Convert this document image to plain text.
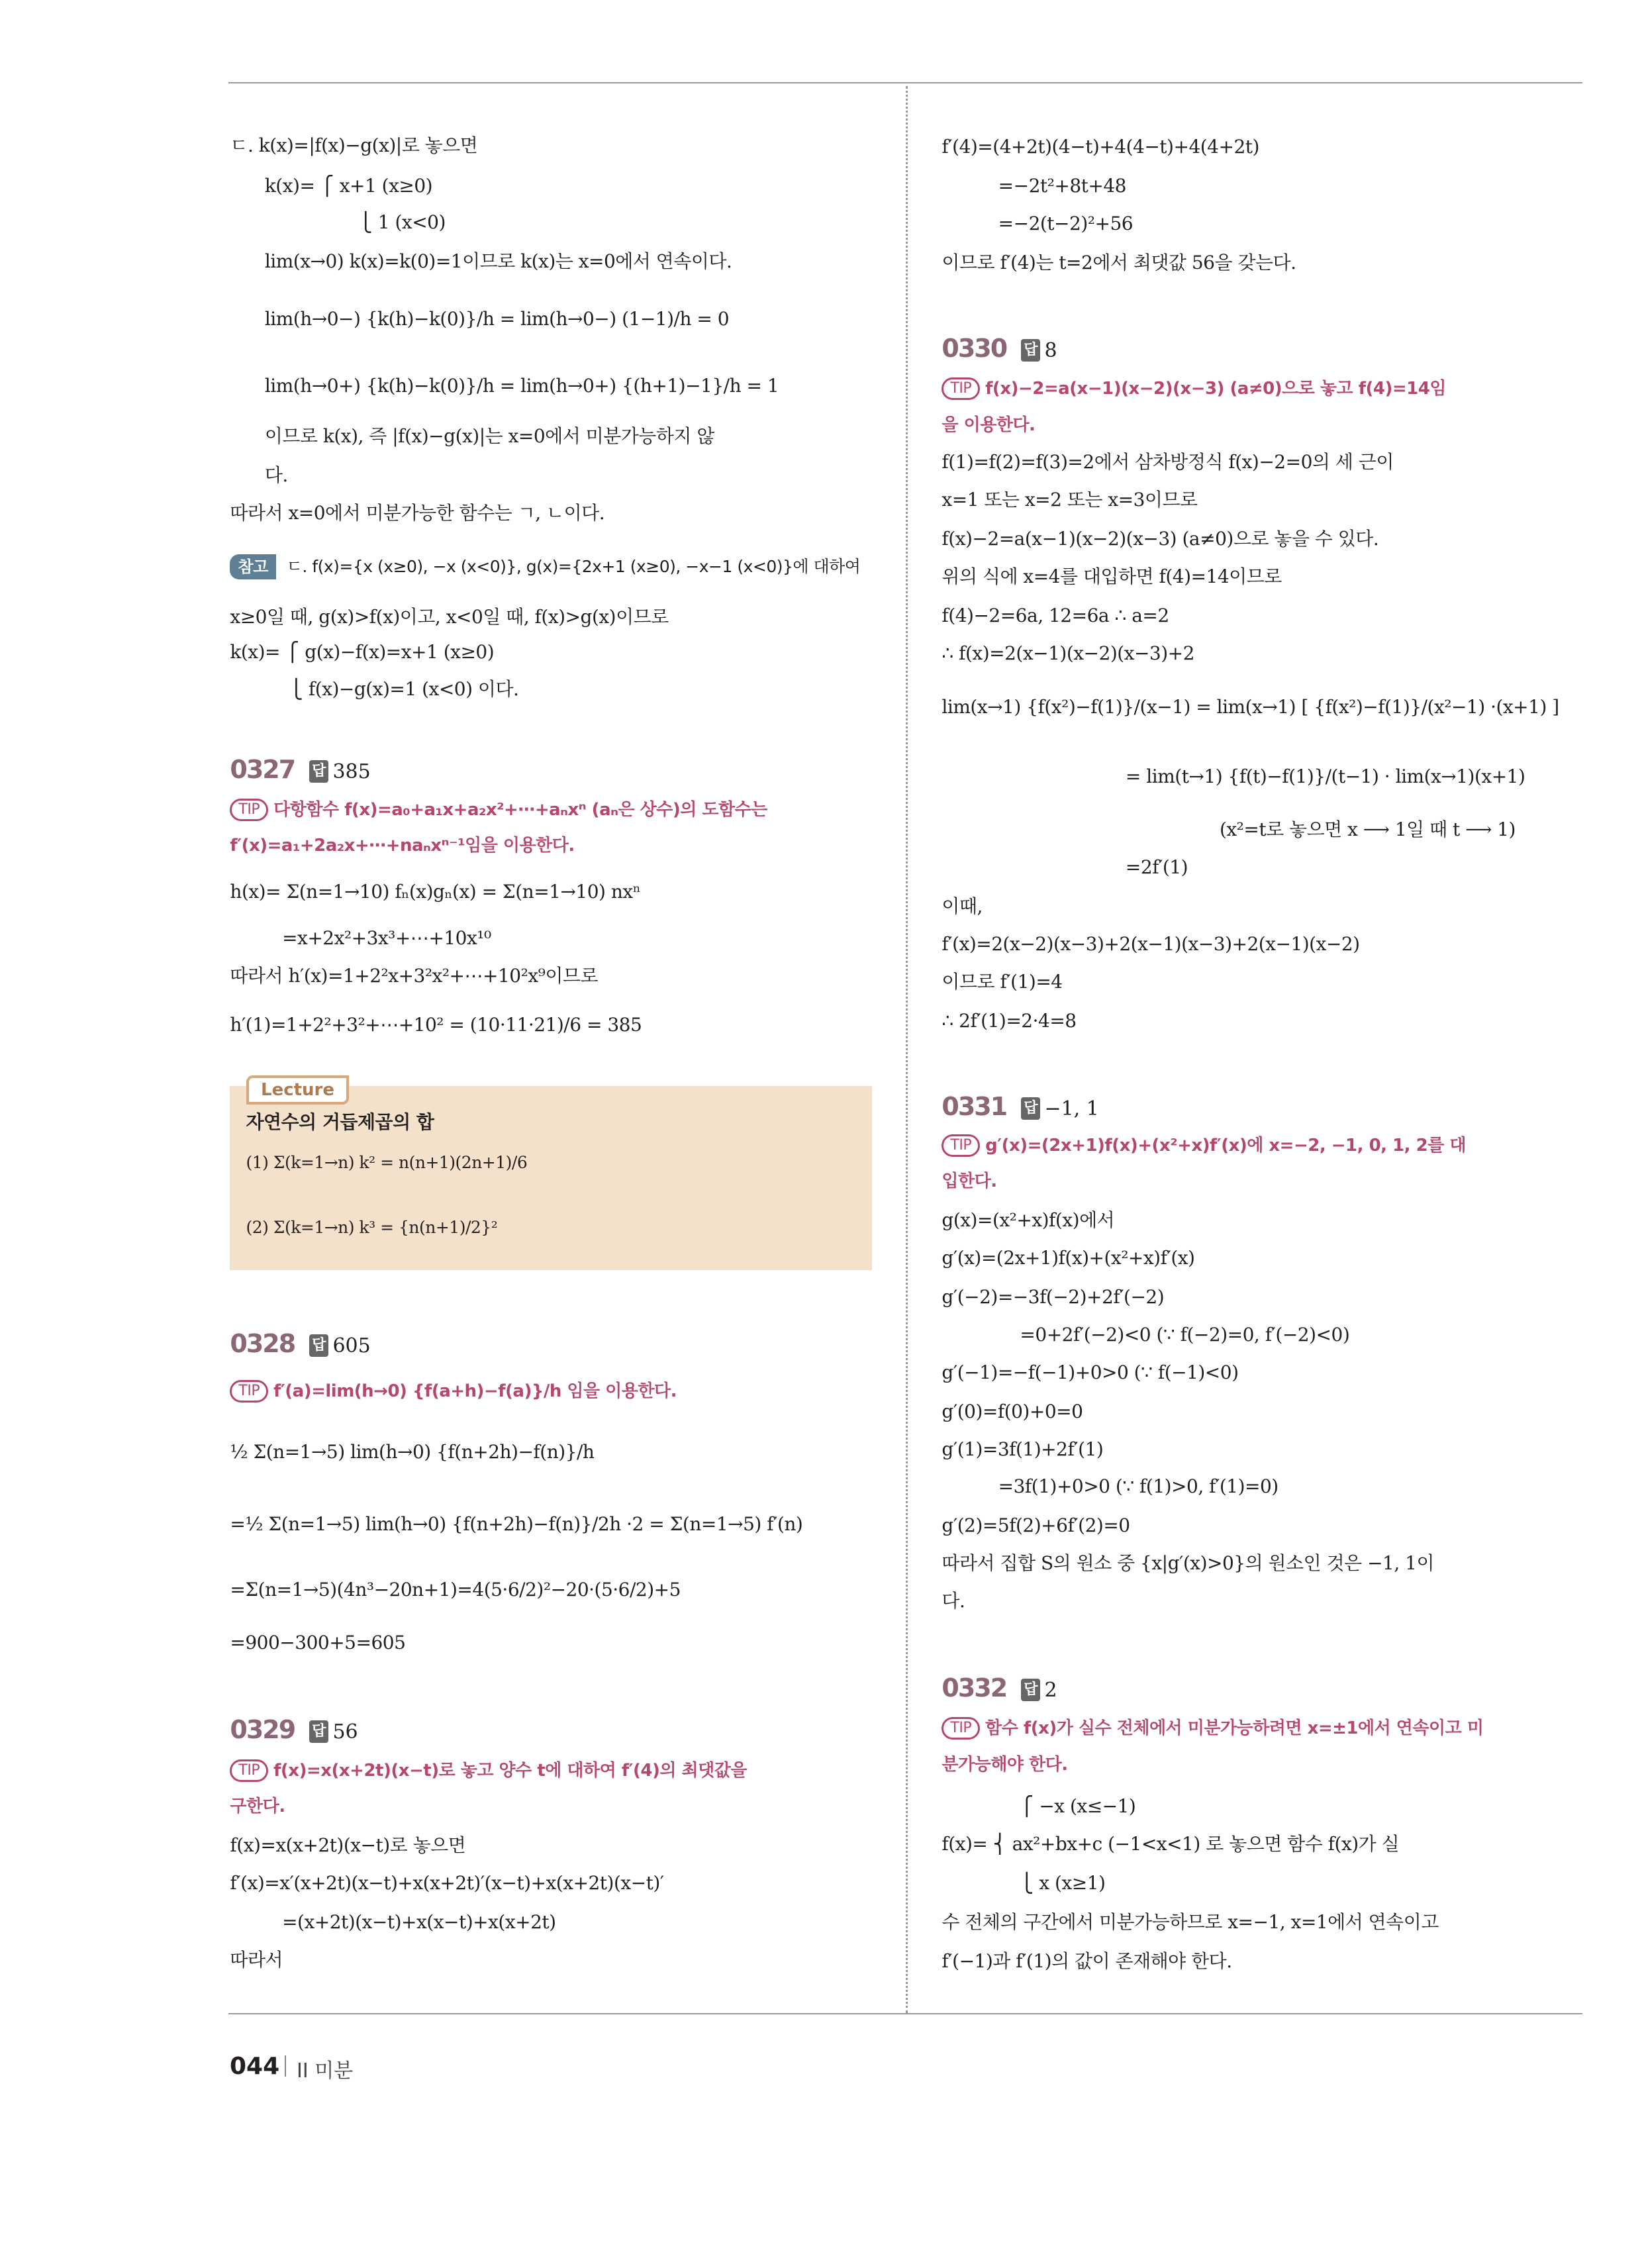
Lecture
ㄷ. k(x)=|f(x)−g(x)|로 놓으면
k(x)= ⎧ x+1 (x≥0)
⎩ 1 (x<0)
lim(x→0) k(x)=k(0)=1이므로 k(x)는 x=0에서 연속이다.
lim(h→0−) {k(h)−k(0)}/h = lim(h→0−) (1−1)/h = 0
lim(h→0+) {k(h)−k(0)}/h = lim(h→0+) {(h+1)−1}/h = 1
이므로 k(x), 즉 |f(x)−g(x)|는 x=0에서 미분가능하지 않
다.
따라서 x=0에서 미분가능한 함수는 ㄱ, ㄴ이다.
참고 ㄷ. f(x)={x (x≥0), −x (x<0)}, g(x)={2x+1 (x≥0), −x−1 (x<0)}에 대하여
x≥0일 때, g(x)>f(x)이고, x<0일 때, f(x)>g(x)이므로
k(x)= ⎧ g(x)−f(x)=x+1 (x≥0)
⎩ f(x)−g(x)=1 (x<0) 이다.
0327 답 385
TIP 다항함수 f(x)=a₀+a₁x+a₂x²+⋯+aₙxⁿ (aₙ은 상수)의 도함수는
f′(x)=a₁+2a₂x+⋯+naₙxⁿ⁻¹임을 이용한다.
h(x)= Σ(n=1→10) fₙ(x)gₙ(x) = Σ(n=1→10) nxⁿ
=x+2x²+3x³+⋯+10x¹⁰
따라서 h′(x)=1+2²x+3²x²+⋯+10²x⁹이므로
h′(1)=1+2²+3²+⋯+10² = (10·11·21)/6 = 385
자연수의 거듭제곱의 합
(1) Σ(k=1→n) k² = n(n+1)(2n+1)/6
(2) Σ(k=1→n) k³ = {n(n+1)/2}²
0328 답 605
TIP f′(a)=lim(h→0) {f(a+h)−f(a)}/h 임을 이용한다.
½ Σ(n=1→5) lim(h→0) {f(n+2h)−f(n)}/h
=½ Σ(n=1→5) lim(h→0) {f(n+2h)−f(n)}/2h ·2 = Σ(n=1→5) f′(n)
=Σ(n=1→5)(4n³−20n+1)=4(5·6/2)²−20·(5·6/2)+5
=900−300+5=605
0329 답 56
TIP f(x)=x(x+2t)(x−t)로 놓고 양수 t에 대하여 f′(4)의 최댓값을
구한다.
f(x)=x(x+2t)(x−t)로 놓으면
f′(x)=x′(x+2t)(x−t)+x(x+2t)′(x−t)+x(x+2t)(x−t)′
=(x+2t)(x−t)+x(x−t)+x(x+2t)
따라서
f′(4)=(4+2t)(4−t)+4(4−t)+4(4+2t)
=−2t²+8t+48
=−2(t−2)²+56
이므로 f′(4)는 t=2에서 최댓값 56을 갖는다.
0330 답 8
TIP f(x)−2=a(x−1)(x−2)(x−3) (a≠0)으로 놓고 f(4)=14임
을 이용한다.
f(1)=f(2)=f(3)=2에서 삼차방정식 f(x)−2=0의 세 근이
x=1 또는 x=2 또는 x=3이므로
f(x)−2=a(x−1)(x−2)(x−3) (a≠0)으로 놓을 수 있다.
위의 식에 x=4를 대입하면 f(4)=14이므로
f(4)−2=6a, 12=6a ∴ a=2
∴ f(x)=2(x−1)(x−2)(x−3)+2
lim(x→1) {f(x²)−f(1)}/(x−1) = lim(x→1) [ {f(x²)−f(1)}/(x²−1) ·(x+1) ]
= lim(t→1) {f(t)−f(1)}/(t−1) · lim(x→1)(x+1)
(x²=t로 놓으면 x ⟶ 1일 때 t ⟶ 1)
=2f′(1)
이때,
f′(x)=2(x−2)(x−3)+2(x−1)(x−3)+2(x−1)(x−2)
이므로 f′(1)=4
∴ 2f′(1)=2·4=8
0331 답 −1, 1
TIP g′(x)=(2x+1)f(x)+(x²+x)f′(x)에 x=−2, −1, 0, 1, 2를 대
입한다.
g(x)=(x²+x)f(x)에서
g′(x)=(2x+1)f(x)+(x²+x)f′(x)
g′(−2)=−3f(−2)+2f′(−2)
=0+2f′(−2)<0 (∵ f(−2)=0, f′(−2)<0)
g′(−1)=−f(−1)+0>0 (∵ f(−1)<0)
g′(0)=f(0)+0=0
g′(1)=3f(1)+2f′(1)
=3f(1)+0>0 (∵ f(1)>0, f′(1)=0)
g′(2)=5f(2)+6f′(2)=0
따라서 집합 S의 원소 중 {x|g′(x)>0}의 원소인 것은 −1, 1이
다.
0332 답 2
TIP 함수 f(x)가 실수 전체에서 미분가능하려면 x=±1에서 연속이고 미
분가능해야 한다.
⎧ −x (x≤−1)
f(x)= ⎨ ax²+bx+c (−1<x<1) 로 놓으면 함수 f(x)가 실
⎩ x (x≥1)
수 전체의 구간에서 미분가능하므로 x=−1, x=1에서 연속이고
f′(−1)과 f′(1)의 값이 존재해야 한다.
044 II 미분
